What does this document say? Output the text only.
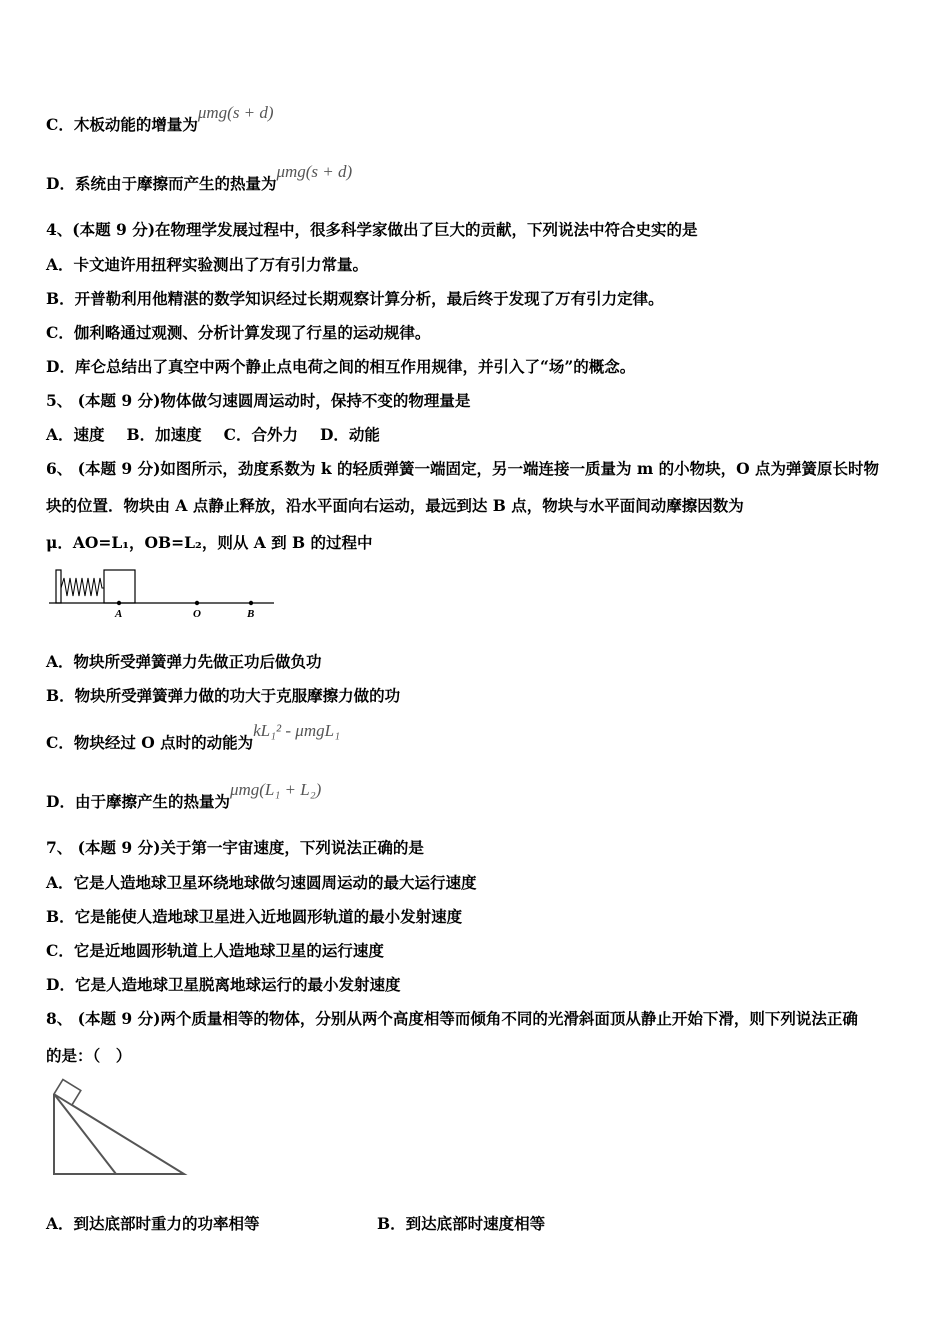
C．木板动能的增量为μmg(s + d)
D．系统由于摩擦而产生的热量为μmg(s + d)
4、(本题 9 分)在物理学发展过程中，很多科学家做出了巨大的贡献，下列说法中符合史实的是
A．卡文迪许用扭秤实验测出了万有引力常量。
B．开普勒利用他精湛的数学知识经过长期观察计算分析，最后终于发现了万有引力定律。
C．伽利略通过观测、分析计算发现了行星的运动规律。
D．库仑总结出了真空中两个静止点电荷之间的相互作用规律，并引入了“场”的概念。
5、 (本题 9 分)物体做匀速圆周运动时，保持不变的物理量是
A．速度 B．加速度 C．合外力 D．动能
6、 (本题 9 分)如图所示，劲度系数为 k 的轻质弹簧一端固定，另一端连接一质量为 m 的小物块，O 点为弹簧原长时物
块的位置．物块由 A 点静止释放，沿水平面向右运动，最远到达 B 点，物块与水平面间动摩擦因数为
μ．AO=L₁，OB=L₂，则从 A 到 B 的过程中
A	O	B
A．物块所受弹簧弹力先做正功后做负功
B．物块所受弹簧弹力做的功大于克服摩擦力做的功
C．物块经过 O 点时的动能为kL₁² - μmgL₁
D．由于摩擦产生的热量为μmg(L₁ + L₂)
7、 (本题 9 分)关于第一宇宙速度，下列说法正确的是
A．它是人造地球卫星环绕地球做匀速圆周运动的最大运行速度
B．它是能使人造地球卫星进入近地圆形轨道的最小发射速度
C．它是近地圆形轨道上人造地球卫星的运行速度
D．它是人造地球卫星脱离地球运行的最小发射速度
8、 (本题 9 分)两个质量相等的物体，分别从两个高度相等而倾角不同的光滑斜面顶从静止开始下滑，则下列说法正确
的是：（　）
A．到达底部时重力的功率相等	B．到达底部时速度相等
